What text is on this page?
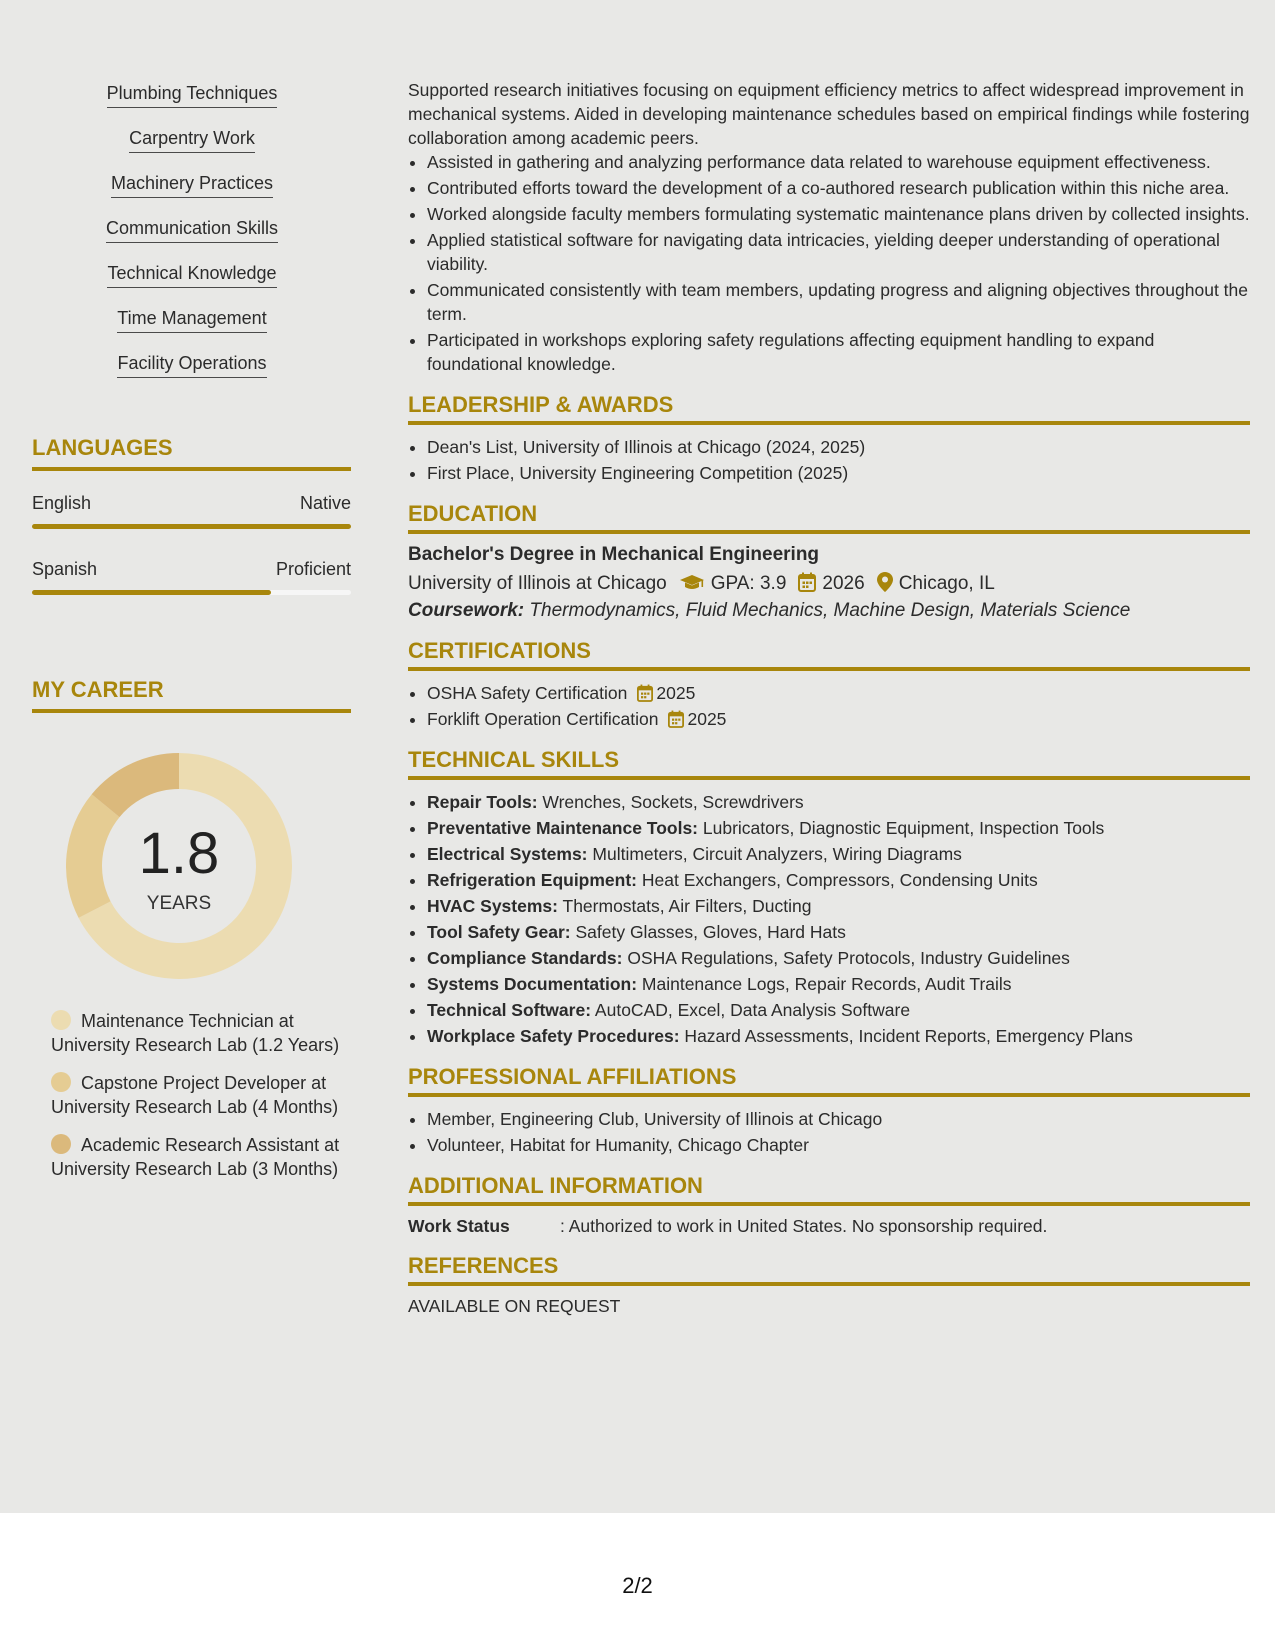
Plumbing Techniques
Carpentry Work
Machinery Practices
Communication Skills
Technical Knowledge
Time Management
Facility Operations
LANGUAGES
English	Native
Spanish	Proficient
MY CAREER
1.8
YEARS
Maintenance Technician at University Research Lab (1.2 Years)
Capstone Project Developer at University Research Lab (4 Months)
Academic Research Assistant at University Research Lab (3 Months)

Supported research initiatives focusing on equipment efficiency metrics to affect widespread improvement in mechanical systems. Aided in developing maintenance schedules based on empirical findings while fostering collaboration among academic peers.

• Assisted in gathering and analyzing performance data related to warehouse equipment effectiveness.
• Contributed efforts toward the development of a co-authored research publication within this niche area.
• Worked alongside faculty members formulating systematic maintenance plans driven by collected insights.
• Applied statistical software for navigating data intricacies, yielding deeper understanding of operational viability.
• Communicated consistently with team members, updating progress and aligning objectives throughout the term.
• Participated in workshops exploring safety regulations affecting equipment handling to expand foundational knowledge.
LEADERSHIP & AWARDS
• Dean's List, University of Illinois at Chicago (2024, 2025)
• First Place, University Engineering Competition (2025)
EDUCATION
Bachelor's Degree in Mechanical Engineering
University of Illinois at Chicago GPA: 3.9 2026 Chicago, IL
Coursework: Thermodynamics, Fluid Mechanics, Machine Design, Materials Science
CERTIFICATIONS
• OSHA Safety Certification 2025
• Forklift Operation Certification 2025
TECHNICAL SKILLS
• Repair Tools: Wrenches, Sockets, Screwdrivers
• Preventative Maintenance Tools: Lubricators, Diagnostic Equipment, Inspection Tools
• Electrical Systems: Multimeters, Circuit Analyzers, Wiring Diagrams
• Refrigeration Equipment: Heat Exchangers, Compressors, Condensing Units
• HVAC Systems: Thermostats, Air Filters, Ducting
• Tool Safety Gear: Safety Glasses, Gloves, Hard Hats
• Compliance Standards: OSHA Regulations, Safety Protocols, Industry Guidelines
• Systems Documentation: Maintenance Logs, Repair Records, Audit Trails
• Technical Software: AutoCAD, Excel, Data Analysis Software
• Workplace Safety Procedures: Hazard Assessments, Incident Reports, Emergency Plans
PROFESSIONAL AFFILIATIONS
• Member, Engineering Club, University of Illinois at Chicago
• Volunteer, Habitat for Humanity, Chicago Chapter
ADDITIONAL INFORMATION
Work Status	: Authorized to work in United States. No sponsorship required.
REFERENCES
AVAILABLE ON REQUEST
2/2
